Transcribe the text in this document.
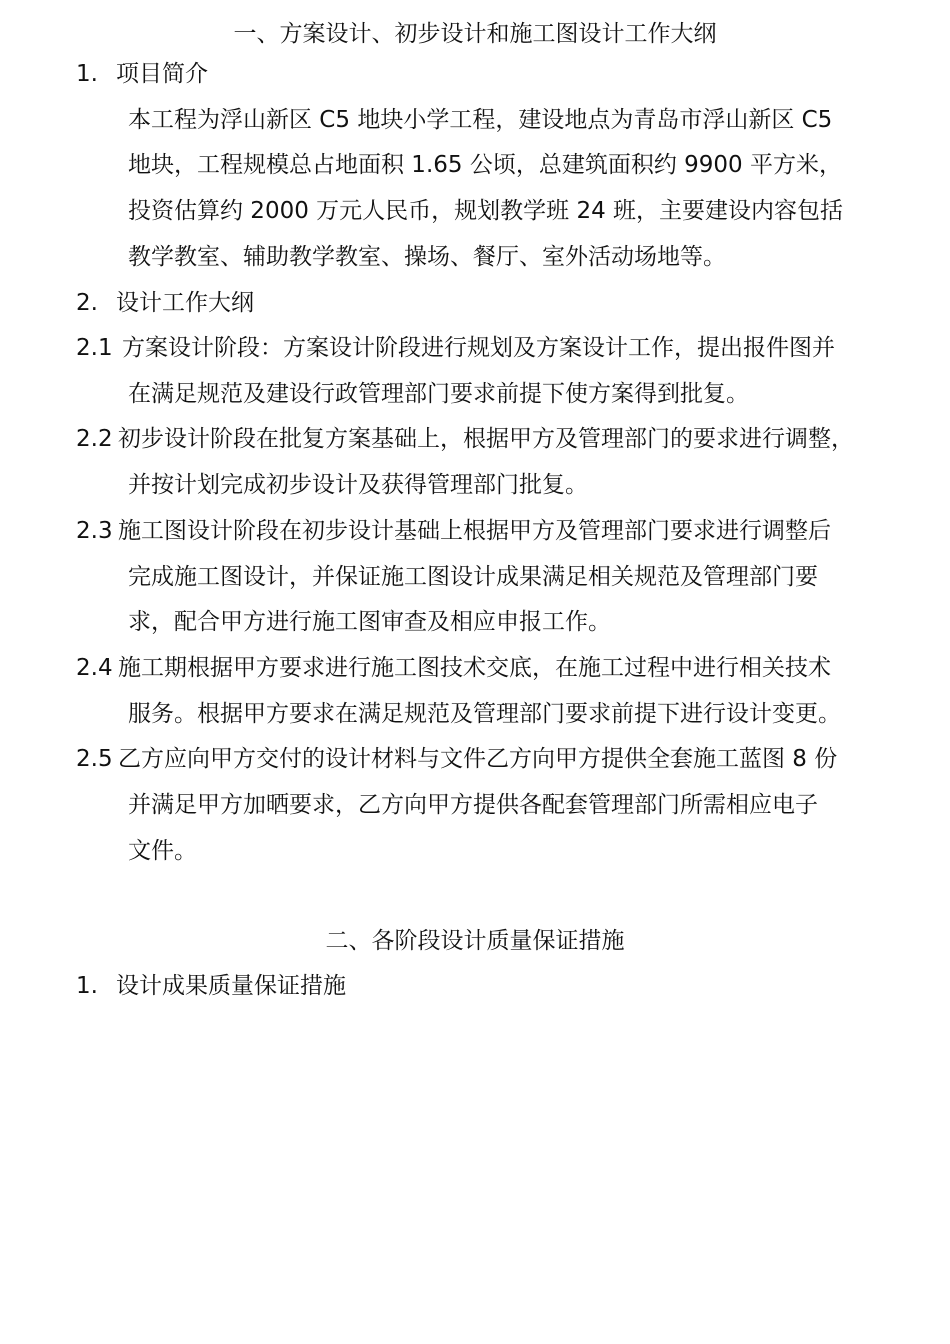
一、方案设计、初步设计和施工图设计工作大纲
1. 项目简介
本工程为浮山新区 C5 地块小学工程，建设地点为青岛市浮山新区 C5
地块，工程规模总占地面积 1.65 公顷，总建筑面积约 9900 平方米，
投资估算约 2000 万元人民币，规划教学班 24 班，主要建设内容包括
教学教室、辅助教学教室、操场、餐厅、室外活动场地等。
2. 设计工作大纲
2.1 方案设计阶段：方案设计阶段进行规划及方案设计工作，提出报件图并
在满足规范及建设行政管理部门要求前提下使方案得到批复。
2.2 初步设计阶段在批复方案基础上，根据甲方及管理部门的要求进行调整，
并按计划完成初步设计及获得管理部门批复。
2.3 施工图设计阶段在初步设计基础上根据甲方及管理部门要求进行调整后
完成施工图设计，并保证施工图设计成果满足相关规范及管理部门要
求，配合甲方进行施工图审查及相应申报工作。
2.4 施工期根据甲方要求进行施工图技术交底，在施工过程中进行相关技术
服务。根据甲方要求在满足规范及管理部门要求前提下进行设计变更。
2.5 乙方应向甲方交付的设计材料与文件乙方向甲方提供全套施工蓝图 8 份
并满足甲方加晒要求，乙方向甲方提供各配套管理部门所需相应电子
文件。
二、各阶段设计质量保证措施
1. 设计成果质量保证措施
